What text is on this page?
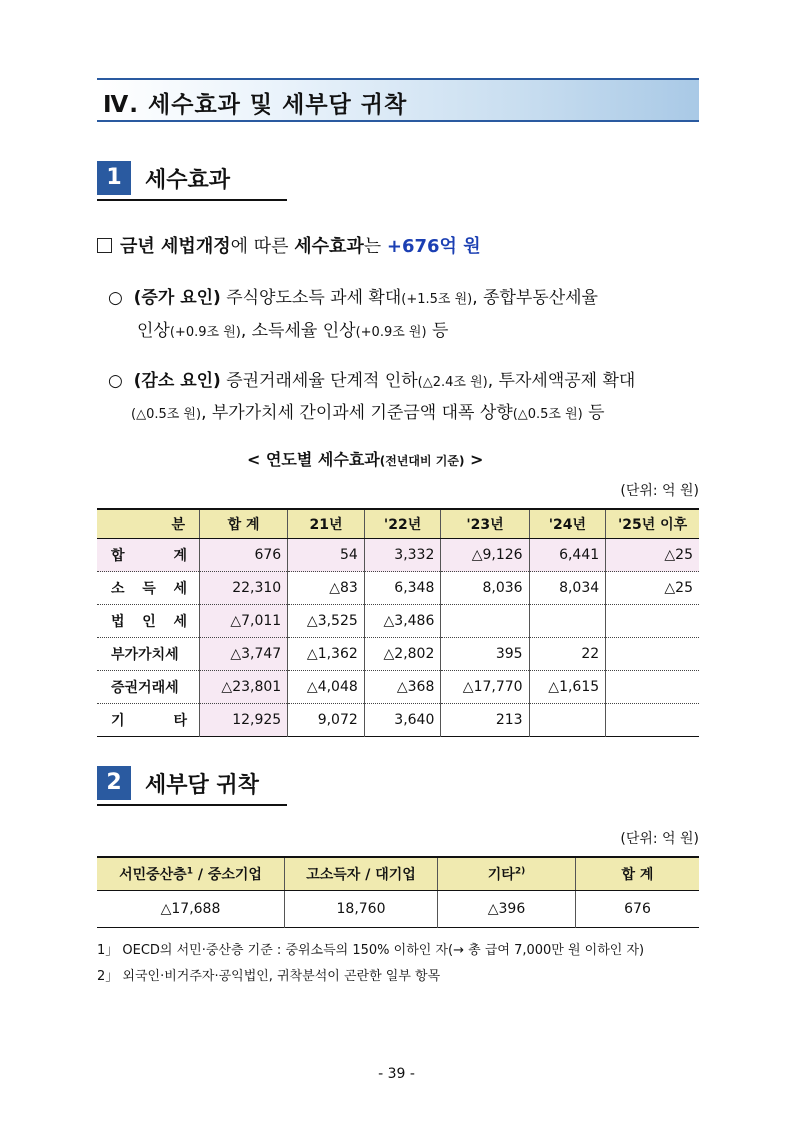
Ⅳ. 세수효과 및 세부담 귀착
1	세수효과
금년 세법개정에 따른 세수효과는 +676억 원
○ (증가 요인) 주식양도소득 과세 확대(+1.5조 원), 종합부동산세율
인상(+0.9조 원), 소득세율 인상(+0.9조 원) 등
○ (감소 요인) 증권거래세율 단계적 인하(△2.4조 원), 투자세액공제 확대
(△0.5조 원), 부가가치세 간이과세 기준금액 대폭 상향(△0.5조 원) 등
< 연도별 세수효과(전년대비 기준) >
(단위: 억 원)
분	합 계	21년	'22년	'23년	'24년	'25년 이후
합 계	676	54	3,332	△9,126	6,441	△25
소 득 세	22,310	△83	6,348	8,036	8,034	△25
법 인 세	△7,011	△3,525	△3,486			
부가가치세	△3,747	△1,362	△2,802	395	22	
증권거래세	△23,801	△4,048	△368	△17,770	△1,615	
기 타	12,925	9,072	3,640	213		
2	세부담 귀착
(단위: 억 원)
서민중산층$^1$ / 중소기업	고소득자 / 대기업	기타$^{2)}$	합 계
△17,688	18,760	△396	676
1」 OECD의 서민·중산층 기준 : 중위소득의 150% 이하인 자(→ 총 급여 7,000만 원 이하인 자)
2」 외국인·비거주자·공익법인, 귀착분석이 곤란한 일부 항목
- 39 -
